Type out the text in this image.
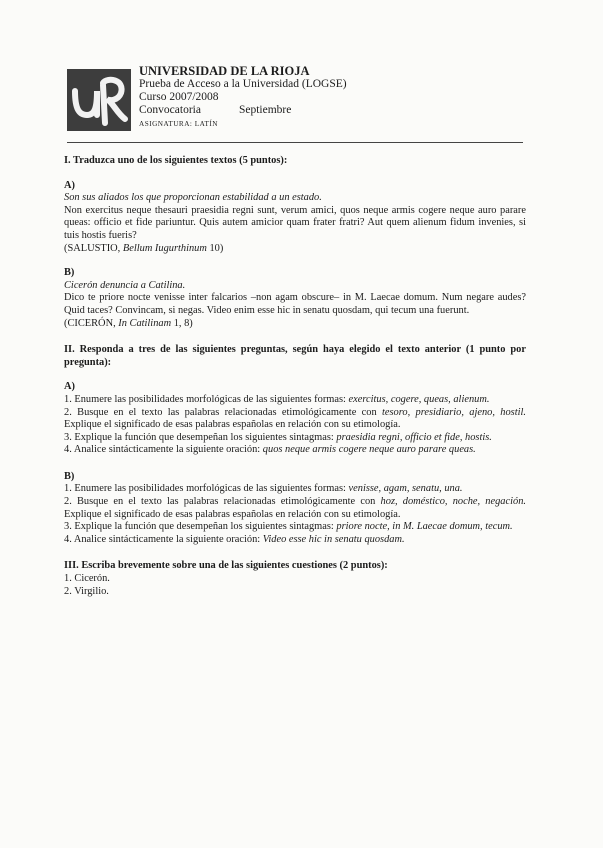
UNIVERSIDAD DE LA RIOJA
Prueba de Acceso a la Universidad (LOGSE)
Curso 2007/2008
Convocatoria	Septiembre
ASIGNATURA: LATÍN

I. Traduzca uno de los siguientes textos (5 puntos):

A)

Son sus aliados los que proporcionan estabilidad a un estado.

Non exercitus neque thesauri praesidia regni sunt, verum amici, quos neque armis cogere neque auro parare queas: officio et fide pariuntur. Quis autem amicior quam frater fratri? Aut quem alienum fidum invenies, si tuis hostis fueris?

(SALUSTIO, Bellum Iugurthinum 10)

B)

Cicerón denuncia a Catilina.

Dico te priore nocte venisse inter falcarios –non agam obscure– in M. Laecae domum. Num negare audes? Quid taces? Convincam, si negas. Video enim esse hic in senatu quosdam, qui tecum una fuerunt.

(CICERÓN, In Catilinam 1, 8)

II. Responda a tres de las siguientes preguntas, según haya elegido el texto anterior (1 punto por pregunta):

A)

1. Enumere las posibilidades morfológicas de las siguientes formas: exercitus, cogere, queas, alienum.

2. Busque en el texto las palabras relacionadas etimológicamente con tesoro, presidiario, ajeno, hostil. Explique el significado de esas palabras españolas en relación con su etimología.

3. Explique la función que desempeñan los siguientes sintagmas: praesidia regni, officio et fide, hostis.

4. Analice sintácticamente la siguiente oración: quos neque armis cogere neque auro parare queas.

B)

1. Enumere las posibilidades morfológicas de las siguientes formas: venisse, agam, senatu, una.

2. Busque en el texto las palabras relacionadas etimológicamente con hoz, doméstico, noche, negación. Explique el significado de esas palabras españolas en relación con su etimología.

3. Explique la función que desempeñan los siguientes sintagmas: priore nocte, in M. Laecae domum, tecum.

4. Analice sintácticamente la siguiente oración: Video esse hic in senatu quosdam.

III. Escriba brevemente sobre una de las siguientes cuestiones (2 puntos):

1. Cicerón.

2. Virgilio.
